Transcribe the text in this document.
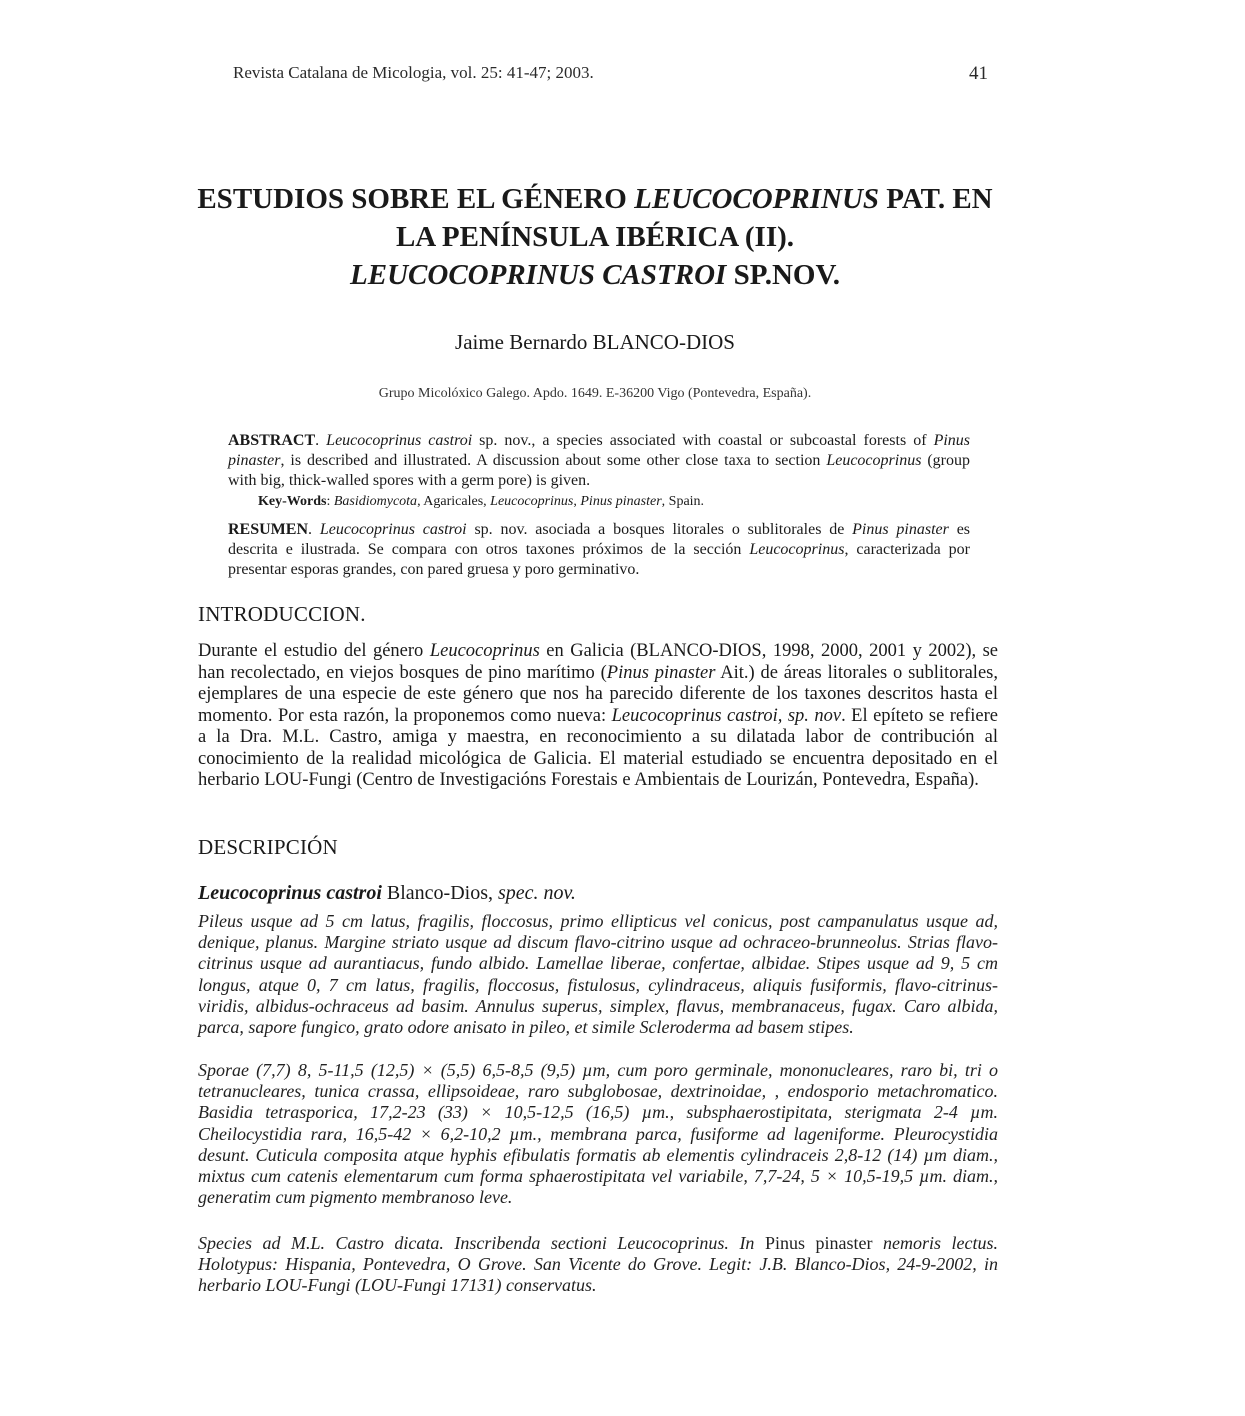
Revista Catalana de Micologia, vol. 25: 41-47; 2003.	41
ESTUDIOS SOBRE EL GÉNERO LEUCOCOPRINUS PAT. EN
LA PENÍNSULA IBÉRICA (II).
LEUCOCOPRINUS CASTROI SP.NOV.
Jaime Bernardo BLANCO-DIOS
Grupo Micolóxico Galego. Apdo. 1649. E-36200 Vigo (Pontevedra, España).
ABSTRACT. Leucocoprinus castroi sp. nov., a species associated with coastal or subcoastal forests of Pinus pinaster, is described and illustrated. A discussion about some other close taxa to section Leucocoprinus (group with big, thick-walled spores with a germ pore) is given.
Key-Words: Basidiomycota, Agaricales, Leucocoprinus, Pinus pinaster, Spain.
RESUMEN. Leucocoprinus castroi sp. nov. asociada a bosques litorales o sublitorales de Pinus pinaster es descrita e ilustrada. Se compara con otros taxones próximos de la sección Leucocoprinus, caracterizada por presentar esporas grandes, con pared gruesa y poro germinativo.
INTRODUCCION.
Durante el estudio del género Leucocoprinus en Galicia (BLANCO-DIOS, 1998, 2000, 2001 y 2002), se han recolectado, en viejos bosques de pino marítimo (Pinus pinaster Ait.) de áreas litorales o sublitorales, ejemplares de una especie de este género que nos ha parecido diferente de los taxones descritos hasta el momento. Por esta razón, la proponemos como nueva: Leucocoprinus castroi, sp. nov. El epíteto se refiere a la Dra. M.L. Castro, amiga y maestra, en reconocimiento a su dilatada labor de contribución al conocimiento de la realidad micológica de Galicia. El material estudiado se encuentra depositado en el herbario LOU-Fungi (Centro de Investigacións Forestais e Ambientais de Lourizán, Pontevedra, España).
DESCRIPCIÓN
Leucocoprinus castroi Blanco-Dios, spec. nov.
Pileus usque ad 5 cm latus, fragilis, floccosus, primo ellipticus vel conicus, post campanulatus usque ad, denique, planus. Margine striato usque ad discum flavo-citrino usque ad ochraceo-brunneolus. Strias flavo-citrinus usque ad aurantiacus, fundo albido. Lamellae liberae, confertae, albidae. Stipes usque ad 9, 5 cm longus, atque 0, 7 cm latus, fragilis, floccosus, fistulosus, cylindraceus, aliquis fusiformis, flavo-citrinus-viridis, albidus-ochraceus ad basim. Annulus superus, simplex, flavus, membranaceus, fugax. Caro albida, parca, sapore fungico, grato odore anisato in pileo, et simile Scleroderma ad basem stipes.
Sporae (7,7) 8, 5-11,5 (12,5) × (5,5) 6,5-8,5 (9,5) µm, cum poro germinale, mononucleares, raro bi, tri o tetranucleares, tunica crassa, ellipsoideae, raro subglobosae, dextrinoidae, , endosporio metachromatico. Basidia tetrasporica, 17,2-23 (33) × 10,5-12,5 (16,5) µm., subsphaerostipitata, sterigmata 2-4 µm. Cheilocystidia rara, 16,5-42 × 6,2-10,2 µm., membrana parca, fusiforme ad lageniforme. Pleurocystidia desunt. Cuticula composita atque hyphis efibulatis formatis ab elementis cylindraceis 2,8-12 (14) µm diam., mixtus cum catenis elementarum cum forma sphaerostipitata vel variabile, 7,7-24, 5 × 10,5-19,5 µm. diam., generatim cum pigmento membranoso leve.
Species ad M.L. Castro dicata. Inscribenda sectioni Leucocoprinus. In Pinus pinaster nemoris lectus. Holotypus: Hispania, Pontevedra, O Grove. San Vicente do Grove. Legit: J.B. Blanco-Dios, 24-9-2002, in herbario LOU-Fungi (LOU-Fungi 17131) conservatus.
